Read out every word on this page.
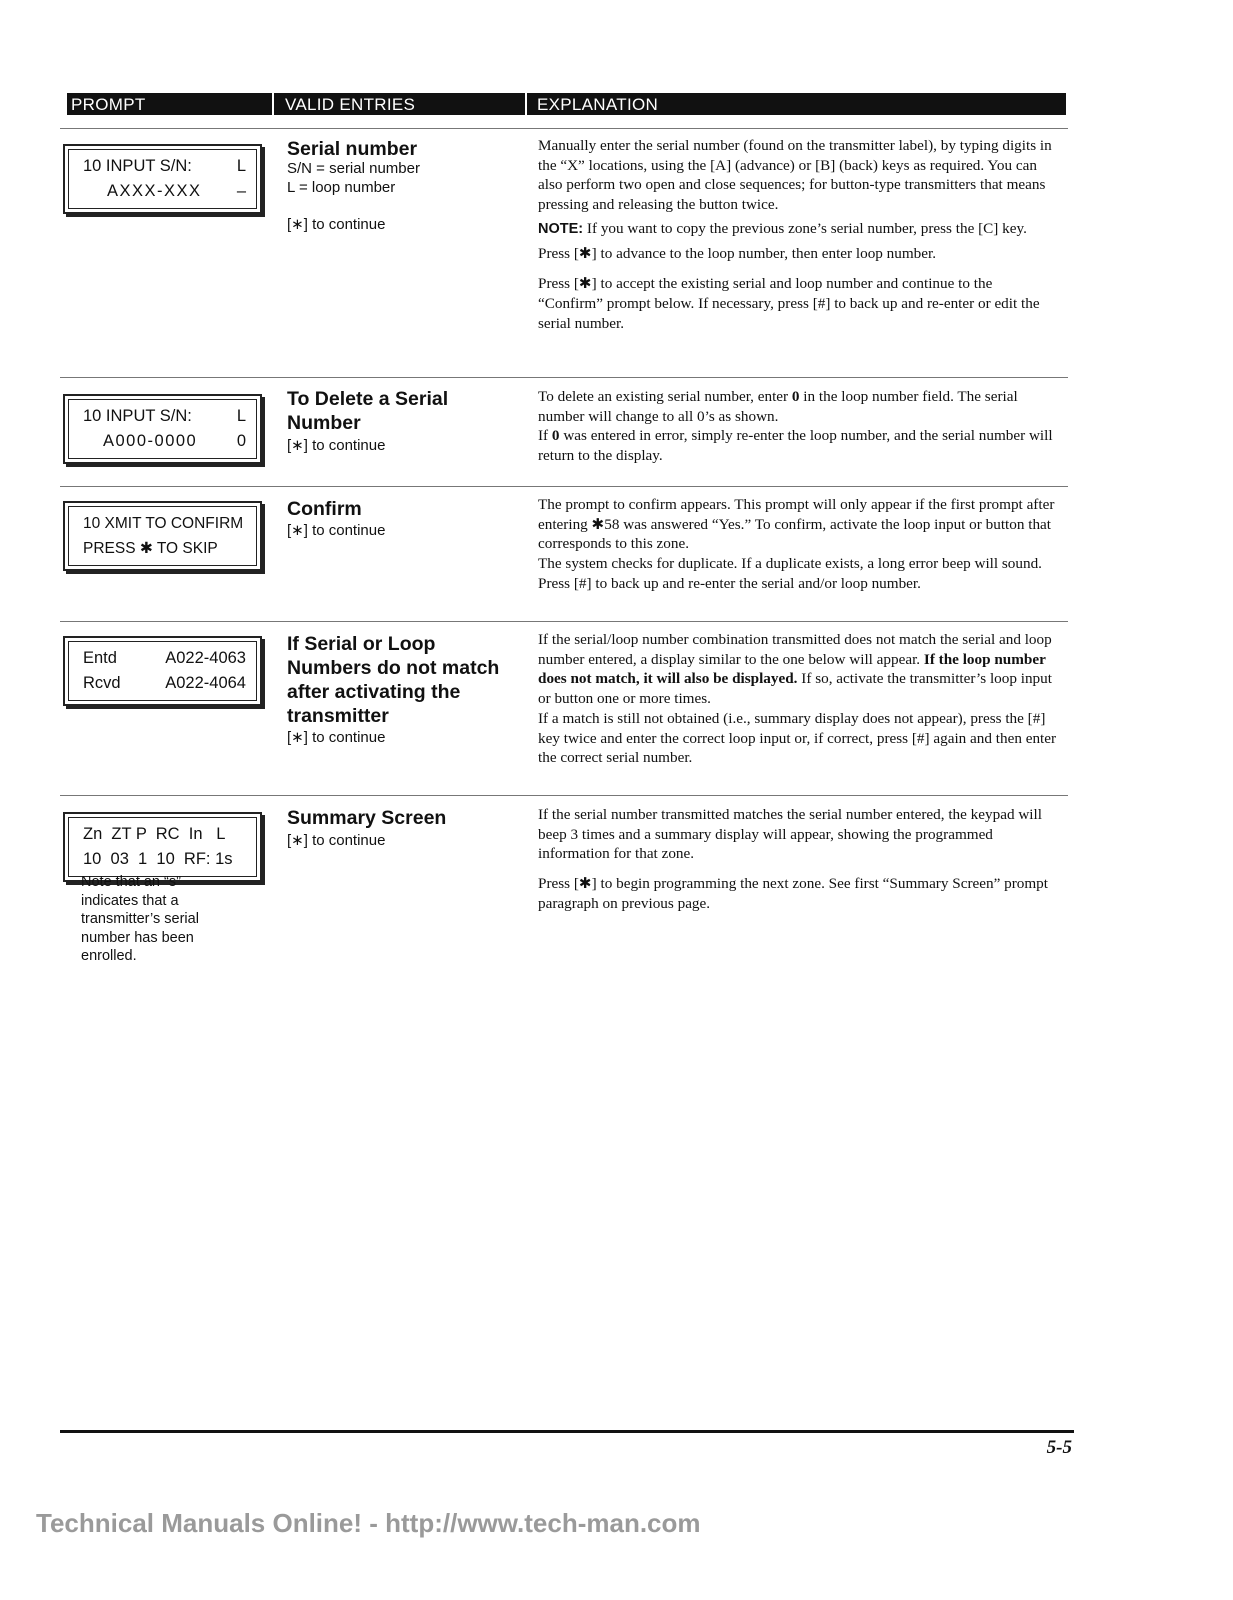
PROMPT	VALID ENTRIES	EXPLANATION
10 INPUT S/N:	L
AXXX-XXX –
Serial number
S/N = serial number
L = loop number
[∗] to continue

Manually enter the serial number (found on the transmitter label), by typing digits in the “X” locations, using the [A] (advance) or [B] (back) keys as required. You can also perform two open and close sequences; for button-type transmitters that means pressing and releasing the button twice.

NOTE: If you want to copy the previous zone’s serial number, press the [C] key.

Press [✱] to advance to the loop number, then enter loop number.

Press [✱] to accept the existing serial and loop number and continue to the “Confirm” prompt below. If necessary, press [#] to back up and re-enter or edit the serial number.

10 INPUT S/N:	L
A000-0000 0
To Delete a Serial Number
[∗] to continue

To delete an existing serial number, enter 0 in the loop number field. The serial number will change to all 0’s as shown.

If 0 was entered in error, simply re-enter the loop number, and the serial number will return to the display.

10 XMIT TO CONFIRM
PRESS ✱ TO SKIP
Confirm
[∗] to continue

The prompt to confirm appears. This prompt will only appear if the first prompt after entering ✱58 was answered “Yes.” To confirm, activate the loop input or button that corresponds to this zone.

The system checks for duplicate. If a duplicate exists, a long error beep will sound.

Press [#] to back up and re-enter the serial and/or loop number.

Entd	A022-4063
Rcvd	A022-4064
If Serial or Loop Numbers do not match after activating the transmitter
[∗] to continue

If the serial/loop number combination transmitted does not match the serial and loop number entered, a display similar to the one below will appear. If the loop number does not match, it will also be displayed. If so, activate the transmitter’s loop input or button one or more times.

If a match is still not obtained (i.e., summary display does not appear), press the [#] key twice and enter the correct loop input or, if correct, press [#] again and then enter the correct serial number.

Zn  ZT P  RC  In   L
10  03  1  10  RF: 1s
Note that an “s” indicates that a transmitter’s serial number has been enrolled.
Summary Screen
[∗] to continue

If the serial number transmitted matches the serial number entered, the keypad will beep 3 times and a summary display will appear, showing the programmed information for that zone.

Press [✱] to begin programming the next zone. See first “Summary Screen” prompt paragraph on previous page.

5-5
Technical Manuals Online! - http://www.tech-man.com
